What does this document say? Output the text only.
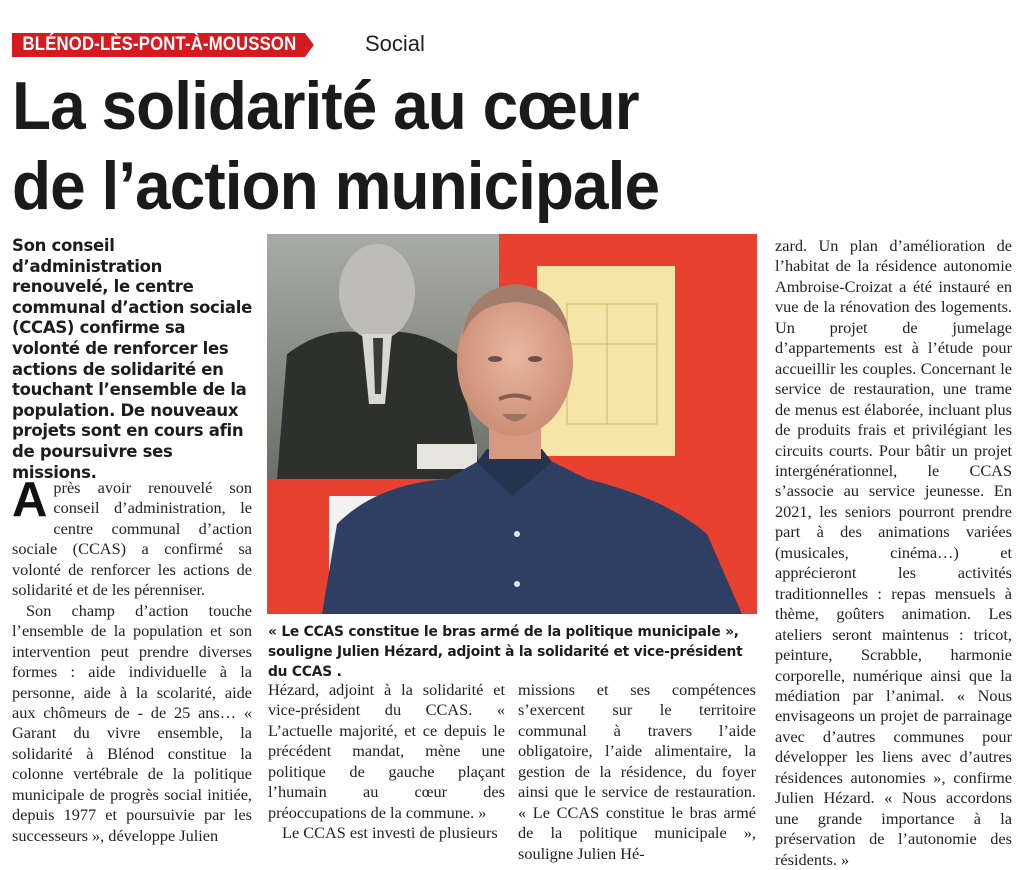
BLÉNOD-LÈS-PONT-À-MOUSSON	Social
La solidarité au cœur
de l’action municipale

Son conseil d’administration renouvelé, le centre communal d’action sociale (CCAS) confirme sa volonté de renforcer les actions de solidarité en touchant l’ensemble de la population. De nouveaux projets sont en cours afin de poursuivre ses missions.

« Le CCAS constitue le bras armé de la politique municipale », souligne Julien Hézard, adjoint à la solidarité et vice-président du CCAS .

Après avoir renouvelé son conseil d’administration, le centre communal d’action sociale (CCAS) a confirmé sa volonté de renforcer les actions de solidarité et de les pérenniser.

Son champ d’action touche l’ensemble de la population et son intervention peut prendre diverses formes : aide individuelle à la personne, aide à la scolarité, aide aux chômeurs de - de 25 ans… « Garant du vivre ensemble, la solidarité à Blénod constitue la colonne vertébrale de la politique municipale de progrès social initiée, depuis 1977 et poursuivie par les successeurs », développe Julien

Hézard, adjoint à la solidarité et vice-président du CCAS. « L’actuelle majorité, et ce depuis le précédent mandat, mène une politique de gauche plaçant l’humain au cœur des préoccupations de la commune. »

Le CCAS est investi de plusieurs

missions et ses compétences s’exercent sur le territoire communal à travers l’aide obligatoire, l’aide alimentaire, la gestion de la résidence, du foyer ainsi que le service de restauration. « Le CCAS constitue le bras armé de la politique municipale », souligne Julien Hé-

zard. Un plan d’amélioration de l’habitat de la résidence autonomie Ambroise-Croizat a été instauré en vue de la rénovation des logements. Un projet de jumelage d’appartements est à l’étude pour accueillir les couples. Concernant le service de restauration, une trame de menus est élaborée, incluant plus de produits frais et privilégiant les circuits courts. Pour bâtir un projet intergénérationnel, le CCAS s’associe au service jeunesse. En 2021, les seniors pourront prendre part à des animations variées (musicales, cinéma…) et apprécieront les activités traditionnelles : repas mensuels à thème, goûters animation. Les ateliers seront maintenus : tricot, peinture, Scrabble, harmonie corporelle, numérique ainsi que la médiation par l’animal. « Nous envisageons un projet de parrainage avec d’autres communes pour développer les liens avec d’autres résidences autonomies », confirme Julien Hézard. « Nous accordons une grande importance à la préservation de l’autonomie des résidents. »
